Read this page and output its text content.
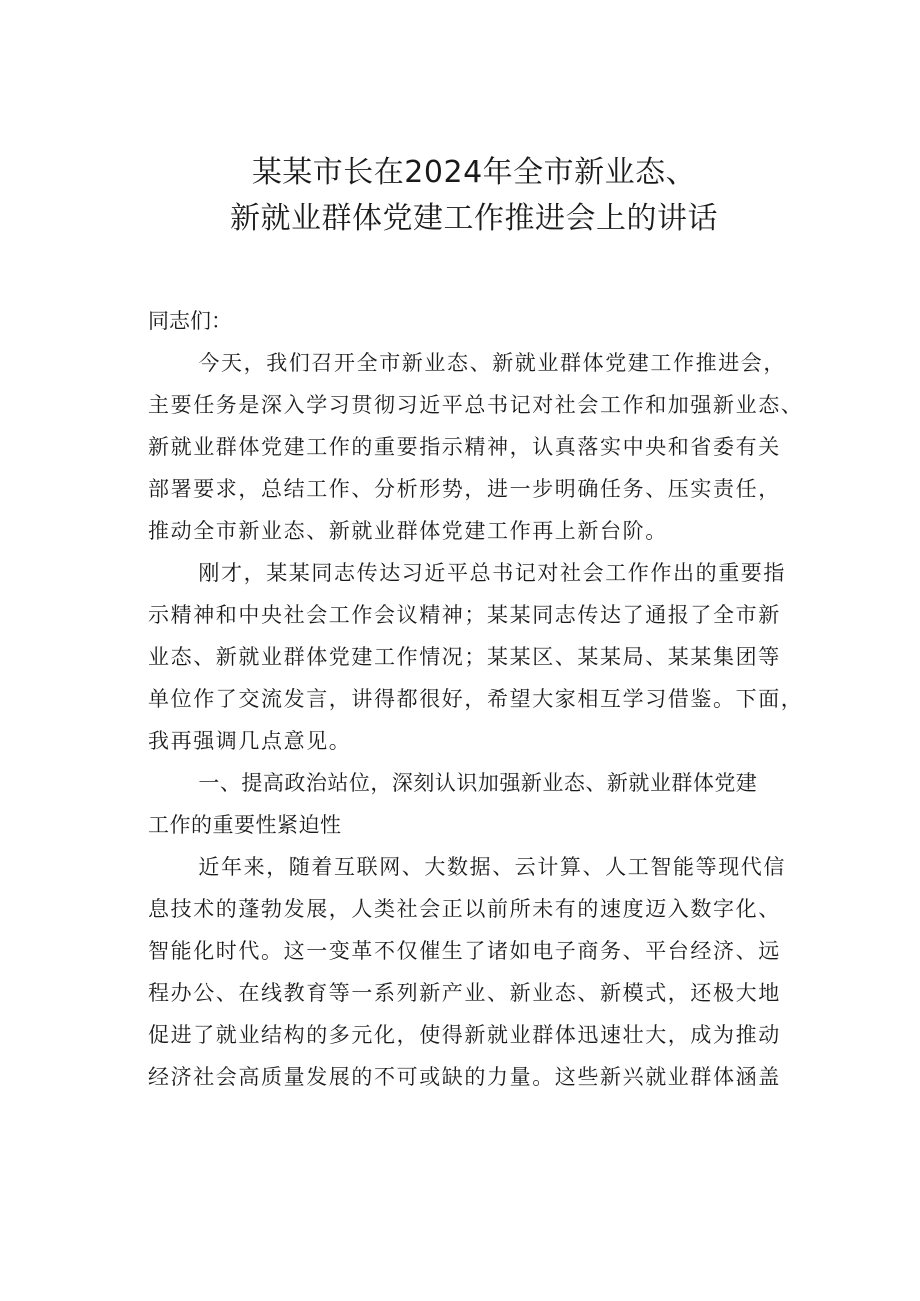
某某市长在2024年全市新业态、
新就业群体党建工作推进会上的讲话

同志们：

今天，我们召开全市新业态、新就业群体党建工作推进会，
主要任务是深入学习贯彻习近平总书记对社会工作和加强新业态、
新就业群体党建工作的重要指示精神，认真落实中央和省委有关
部署要求，总结工作、分析形势，进一步明确任务、压实责任，
推动全市新业态、新就业群体党建工作再上新台阶。

刚才，某某同志传达习近平总书记对社会工作作出的重要指
示精神和中央社会工作会议精神；某某同志传达了通报了全市新
业态、新就业群体党建工作情况；某某区、某某局、某某集团等
单位作了交流发言，讲得都很好，希望大家相互学习借鉴。下面，
我再强调几点意见。

一、提高政治站位，深刻认识加强新业态、新就业群体党建
工作的重要性紧迫性

近年来，随着互联网、大数据、云计算、人工智能等现代信
息技术的蓬勃发展，人类社会正以前所未有的速度迈入数字化、
智能化时代。这一变革不仅催生了诸如电子商务、平台经济、远
程办公、在线教育等一系列新产业、新业态、新模式，还极大地
促进了就业结构的多元化，使得新就业群体迅速壮大，成为推动
经济社会高质量发展的不可或缺的力量。这些新兴就业群体涵盖
